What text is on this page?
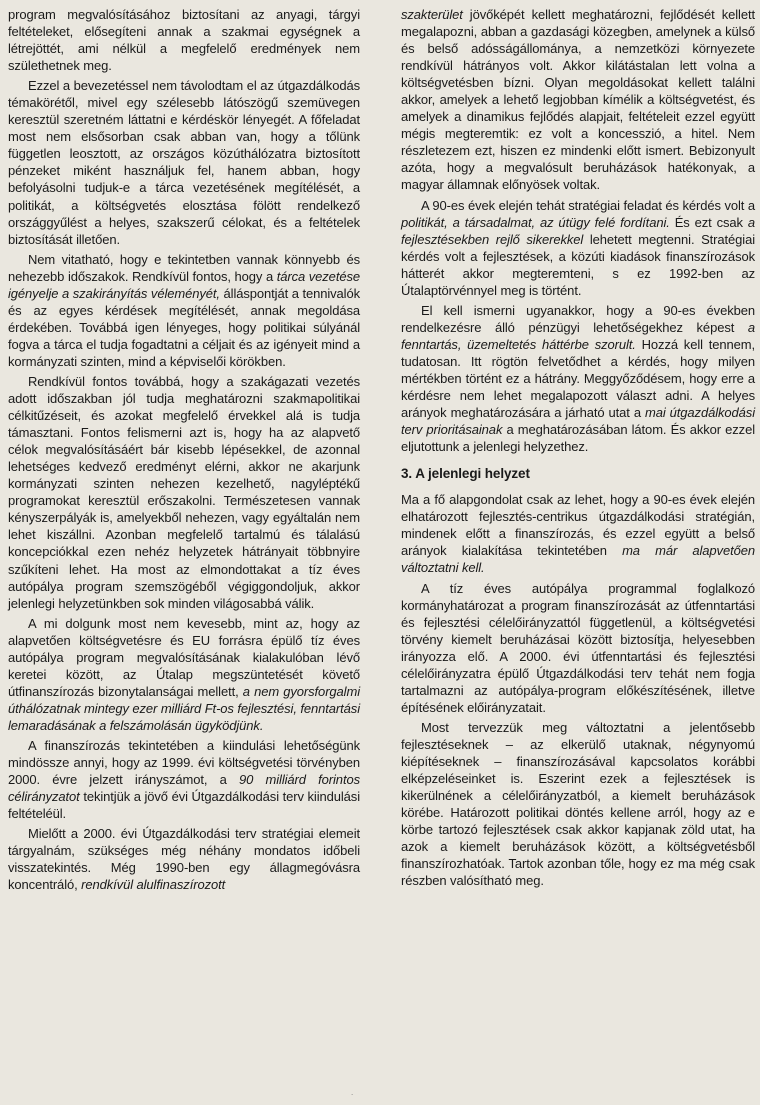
program megvalósításához biztosítani az anyagi, tárgyi feltételeket, elősegíteni annak a szakmai egységnek a létrejöttét, ami nélkül a megfelelő eredmények nem születhetnek meg.

Ezzel a bevezetéssel nem távolodtam el az útgazdálkodás témakörétől, mivel egy szélesebb látószögű szemüvegen keresztül szeretném láttatni e kérdéskör lényegét. A főfeladat most nem elsősorban csak abban van, hogy a tőlünk független leosztott, az országos közúthálózatra biztosított pénzeket miként használjuk fel, hanem abban, hogy befolyásolni tudjuk-e a tárca vezetésének megítélését, a politikát, a költségvetés elosztása fölött rendelkező országgyűlést a helyes, szakszerű célokat, és a feltételek biztosítását illetően.

Nem vitatható, hogy e tekintetben vannak könnyebb és nehezebb időszakok. Rendkívül fontos, hogy a tárca vezetése igényelje a szakirányítás véleményét, álláspontját a tennivalók és az egyes kérdések megítélését, annak megoldása érdekében. Továbbá igen lényeges, hogy politikai súlyánál fogva a tárca el tudja fogadtatni a céljait és az igényeit mind a kormányzati szinten, mind a képviselői körökben.

Rendkívül fontos továbbá, hogy a szakágazati vezetés adott időszakban jól tudja meghatározni szakmapolitikai célkitűzéseit, és azokat megfelelő érvekkel alá is tudja támasztani. Fontos felismerni azt is, hogy ha az alapvető célok megvalósításáért bár kisebb lépésekkel, de azonnal lehetséges kedvező eredményt elérni, akkor ne akarjunk kormányzati szinten nehezen kezelhető, nagyléptékű programokat keresztül erőszakolni. Természetesen vannak kényszerpályák is, amelyekből nehezen, vagy egyáltalán nem lehet kiszállni. Azonban megfelelő tartalmú és tálalású koncepciókkal ezen nehéz helyzetek hátrányait többnyire szűkíteni lehet. Ha most az elmondottakat a tíz éves autópálya program szemszögéből végiggondoljuk, akkor jelenlegi helyzetünkben sok minden világosabbá válik.

A mi dolgunk most nem kevesebb, mint az, hogy az alapvetően költségvetésre és EU forrásra épülő tíz éves autópálya program megvalósításának kialakulóban lévő keretei között, az Útalap megszüntetését követő útfinanszírozás bizonytalanságai mellett, a nem gyorsforgalmi úthálózatnak mintegy ezer milliárd Ft-os fejlesztési, fenntartási lemaradásának a felszámolásán ügyködjünk.

A finanszírozás tekintetében a kiindulási lehetőségünk mindössze annyi, hogy az 1999. évi költségvetési törvényben 2000. évre jelzett irányszámot, a 90 milliárd forintos célirányzatot tekintjük a jövő évi Útgazdálkodási terv kiindulási feltételéül.

Mielőtt a 2000. évi Útgazdálkodási terv stratégiai elemeit tárgyalnám, szükséges még néhány mondatos időbeli visszatekintés. Még 1990-ben egy állagmegóvásra koncentráló, rendkívül alulfinaszírozott

szakterület jövőképét kellett meghatározni, fejlődését kellett megalapozni, abban a gazdasági közegben, amelynek a külső és belső adósságállománya, a nemzetközi környezete rendkívül hátrányos volt. Akkor kilátástalan lett volna a költségvetésben bízni. Olyan megoldásokat kellett találni akkor, amelyek a lehető legjobban kímélik a költségvetést, és amelyek a dinamikus fejlődés alapjait, feltételeit ezzel együtt mégis megteremtik: ez volt a koncesszió, a hitel. Nem részletezem ezt, hiszen ez mindenki előtt ismert. Bebizonyult azóta, hogy a megvalósult beruházások hatékonyak, a magyar államnak előnyösek voltak.

A 90-es évek elején tehát stratégiai feladat és kérdés volt a politikát, a társadalmat, az útügy felé fordítani. És ezt csak a fejlesztésekben rejlő sikerekkel lehetett megtenni. Stratégiai kérdés volt a fejlesztések, a közúti kiadások finanszírozások hátterét akkor megteremteni, s ez 1992-ben az Útalaptörvénnyel meg is történt.

El kell ismerni ugyanakkor, hogy a 90-es években rendelkezésre álló pénzügyi lehetőségekhez képest a fenntartás, üzemeltetés háttérbe szorult. Hozzá kell tennem, tudatosan. Itt rögtön felvetődhet a kérdés, hogy milyen mértékben történt ez a hátrány. Meggyőződésem, hogy erre a kérdésre nem lehet megalapozott választ adni. A helyes arányok meghatározására a járható utat a mai útgazdálkodási terv prioritásainak a meghatározásában látom. És akkor ezzel eljutottunk a jelenlegi helyzethez.

3. A jelenlegi helyzet

Ma a fő alapgondolat csak az lehet, hogy a 90-es évek elején elhatározott fejlesztés-centrikus útgazdálkodási stratégián, mindenek előtt a finanszírozás, és ezzel együtt a belső arányok kialakítása tekintetében ma már alapvetően változtatni kell.

A tíz éves autópálya programmal foglalkozó kormányhatározat a program finanszírozását az útfenntartási és fejlesztési célelőirányzattól függetlenül, a költségvetési törvény kiemelt beruházásai között biztosítja, helyesebben irányozza elő. A 2000. évi útfenntartási és fejlesztési célelőirányzatra épülő Útgazdálkodási terv tehát nem fogja tartalmazni az autópálya-program előkészítésének, illetve építésének előirányzatait.

Most tervezzük meg változtatni a jelentősebb fejlesztéseknek – az elkerülő utaknak, négynyomú kiépítéseknek – finanszírozásával kapcsolatos korábbi elképzeléseinket is. Eszerint ezek a fejlesztések is kikerülnének a célelőirányzatból, a kiemelt beruházások körébe. Határozott politikai döntés kellene arról, hogy az e körbe tartozó fejlesztések csak akkor kapjanak zöld utat, ha azok a kiemelt beruházások között, a költségvetésből finanszírozhatóak. Tartok azonban tőle, hogy ez ma még csak részben valósítható meg.

.
